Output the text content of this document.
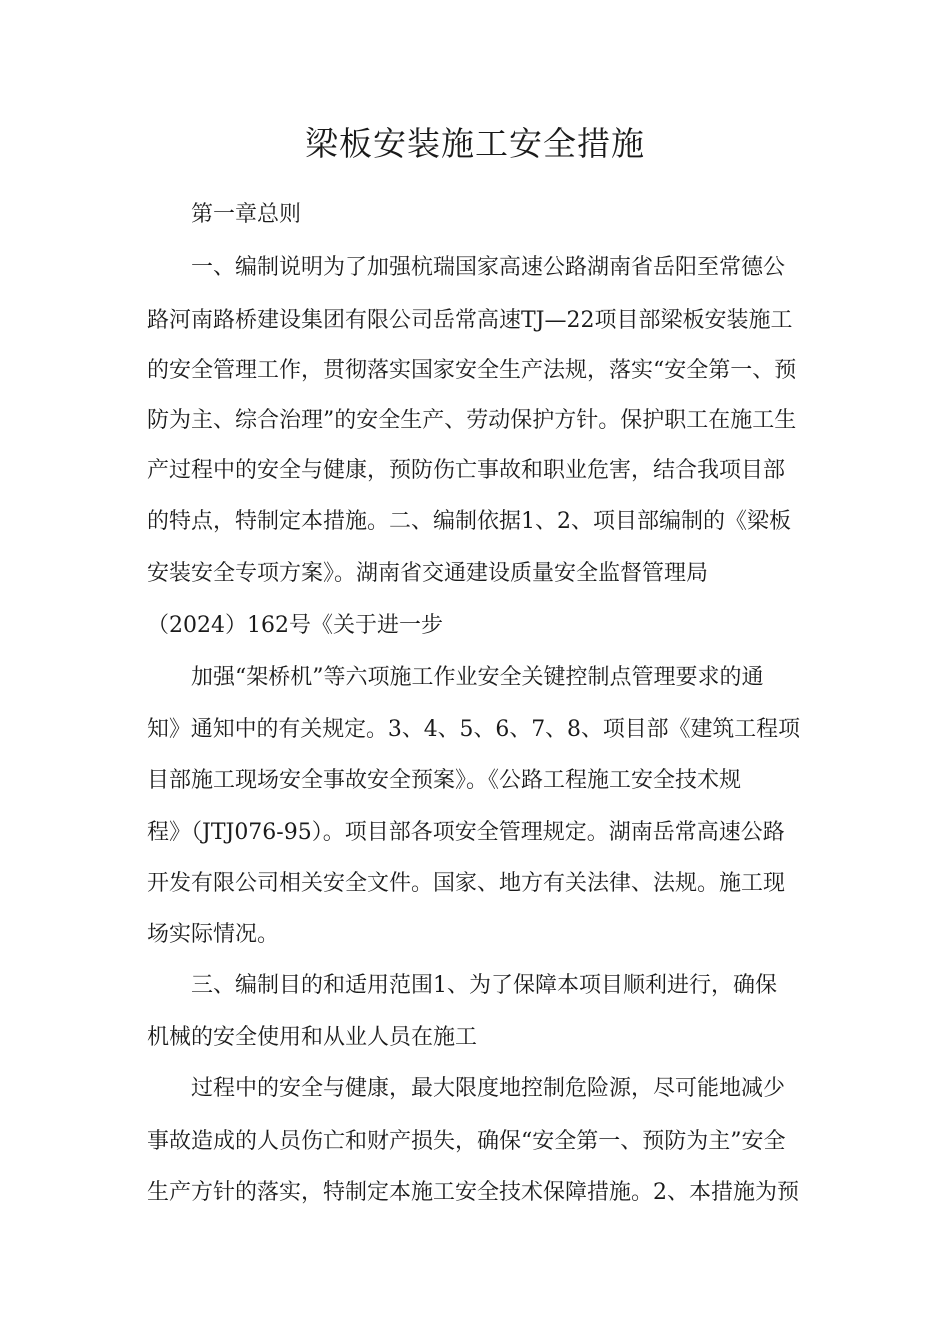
梁板安装施工安全措施
第一章总则
一、编制说明为了加强杭瑞国家高速公路湖南省岳阳至常德公
路河南路桥建设集团有限公司岳常高速TJ—22项目部梁板安装施工
的安全管理工作，贯彻落实国家安全生产法规，落实“安全第一、预
防为主、综合治理”的安全生产、劳动保护方针。保护职工在施工生
产过程中的安全与健康，预防伤亡事故和职业危害，结合我项目部
的特点，特制定本措施。二、编制依据1、2、项目部编制的《梁板
安装安全专项方案》。湖南省交通建设质量安全监督管理局
（2024）162号《关于进一步
加强“架桥机”等六项施工作业安全关键控制点管理要求的通
知》通知中的有关规定。3、4、5、6、7、8、项目部《建筑工程项
目部施工现场安全事故安全预案》。《公路工程施工安全技术规
程》（JTJ076-95）。项目部各项安全管理规定。湖南岳常高速公路
开发有限公司相关安全文件。国家、地方有关法律、法规。施工现
场实际情况。
三、编制目的和适用范围1、为了保障本项目顺利进行，确保
机械的安全使用和从业人员在施工
过程中的安全与健康，最大限度地控制危险源，尽可能地减少
事故造成的人员伤亡和财产损失，确保“安全第一、预防为主”安全
生产方针的落实，特制定本施工安全技术保障措施。2、本措施为预
